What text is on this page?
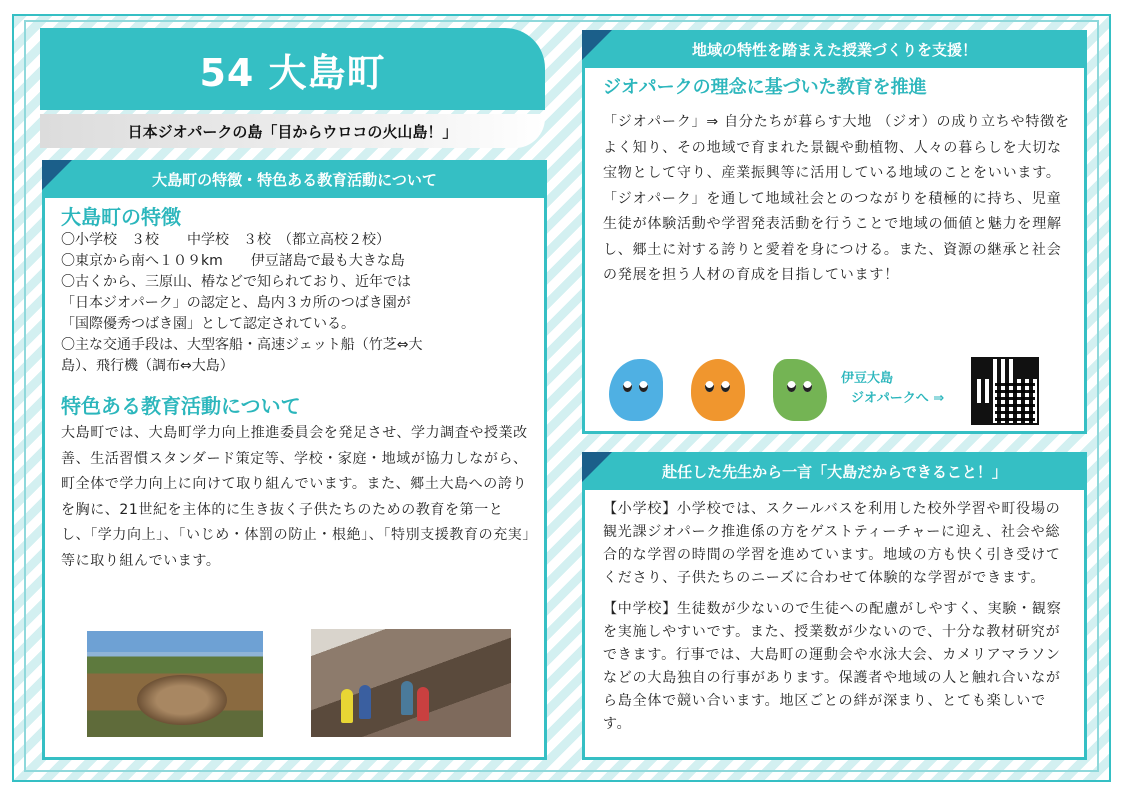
54 大島町
日本ジオパークの島「目からウロコの火山島！」
大島町の特徴・特色ある教育活動について
大島町の特徴
〇小学校　３校　　中学校　３校　（都立高校２校）
〇東京から南へ１０９km　　伊豆諸島で最も大きな島
〇古くから、三原山、椿などで知られており、近年では
「日本ジオパーク」の認定と、島内３カ所のつばき園が
「国際優秀つばき園」として認定されている。
〇主な交通手段は、大型客船・高速ジェット船（竹芝⇔大
島）、飛行機（調布⇔大島）
特色ある教育活動について
大島町では、大島町学力向上推進委員会を発足させ、学力調査や授業改善、生活習慣スタンダード策定等、学校・家庭・地域が協力しながら、町全体で学力向上に向けて取り組んでいます。また、郷土大島への誇りを胸に、21世紀を主体的に生き抜く子供たちのための教育を第一とし、「学力向上」、「いじめ・体罰の防止・根絶」、「特別支援教育の充実」等に取り組んでいます。
地域の特性を踏まえた授業づくりを支援！
ジオパークの理念に基づいた教育を推進
「ジオパーク」⇒ 自分たちが暮らす大地 （ジオ）の成り立ちや特徴をよく知り、その地域で育まれた景観や動植物、人々の暮らしを大切な宝物として守り、産業振興等に活用している地域のことをいいます。
「ジオパーク」を通して地域社会とのつながりを積極的に持ち、児童生徒が体験活動や学習発表活動を行うことで地域の価値と魅力を理解し、郷土に対する誇りと愛着を身につける。また、資源の継承と社会の発展を担う人材の育成を目指しています！
伊豆大島
ジオパークへ ⇒
赴任した先生から一言「大島だからできること！」
【小学校】小学校では、スクールバスを利用した校外学習や町役場の観光課ジオパーク推進係の方をゲストティーチャーに迎え、社会や総合的な学習の時間の学習を進めています。地域の方も快く引き受けてくださり、子供たちのニーズに合わせて体験的な学習ができます。
【中学校】生徒数が少ないので生徒への配慮がしやすく、実験・観察を実施しやすいです。また、授業数が少ないので、十分な教材研究ができます。行事では、大島町の運動会や水泳大会、カメリアマラソンなどの大島独自の行事があります。保護者や地域の人と触れ合いながら島全体で競い合います。地区ごとの絆が深まり、とても楽しいです。
